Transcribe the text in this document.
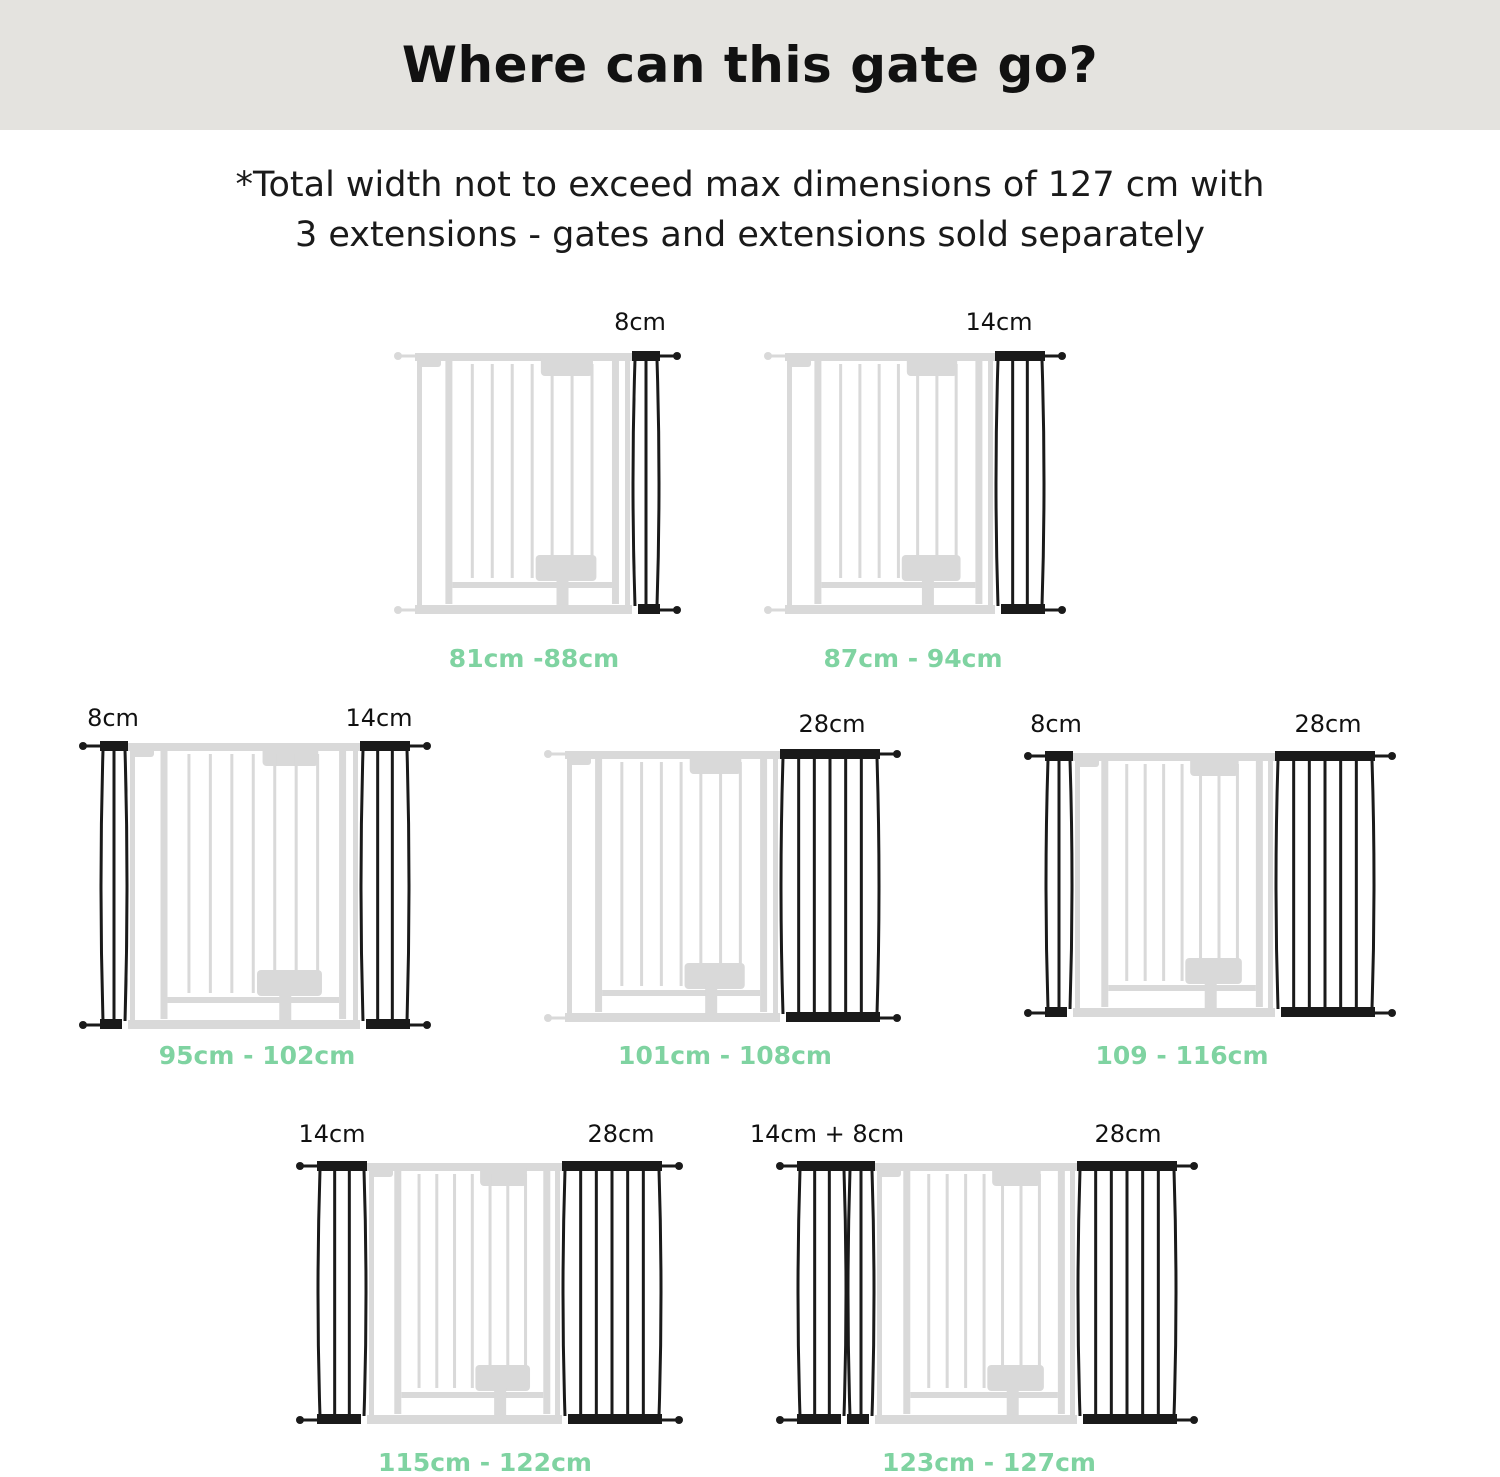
Where can this gate go?
*Total width not to exceed max dimensions of 127 cm with
3 extensions - gates and extensions sold separately
8cm
81cm -88cm
14cm
87cm - 94cm
8cm	14cm
95cm - 102cm
28cm
101cm - 108cm
8cm	28cm
109 - 116cm
14cm	28cm
115cm - 122cm
14cm + 8cm	28cm
123cm - 127cm
